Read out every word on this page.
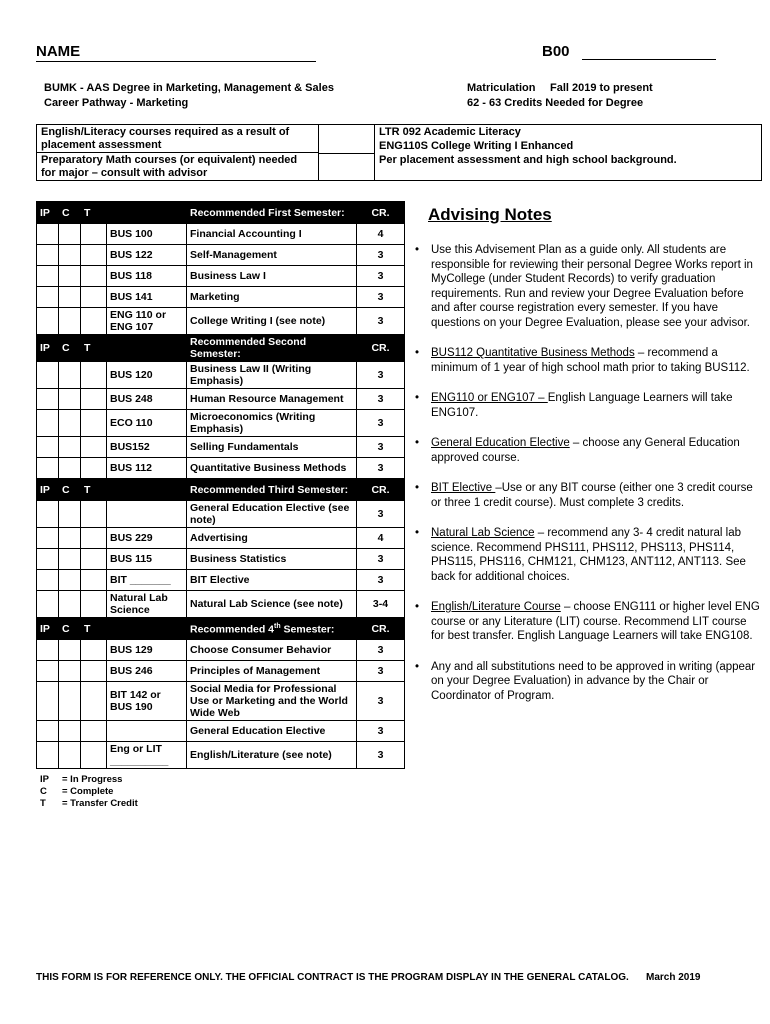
NAME	B00
BUMK - AAS Degree in Marketing, Management & Sales
Career Pathway - Marketing
Matriculation Fall 2019 to present
62 - 63 Credits Needed for Degree
English/Literacy courses required as a result of placement assessment
Preparatory Math courses (or equivalent) needed for major – consult with advisor
LTR 092 Academic Literacy
ENG110S College Writing I Enhanced
Per placement assessment and high school background.
IP	C	T		Recommended First Semester:	CR.
			BUS 100	Financial Accounting I	4
			BUS 122	Self-Management	3
			BUS 118	Business Law I	3
			BUS 141	Marketing	3
			ENG 110 or ENG 107	College Writing I (see note)	3
IP	C	T		Recommended Second Semester:	CR.
			BUS 120	Business Law II (Writing Emphasis)	3
			BUS 248	Human Resource Management	3
			ECO 110	Microeconomics (Writing Emphasis)	3
			BUS152	Selling Fundamentals	3
			BUS 112	Quantitative Business Methods	3
IP	C	T		Recommended Third Semester:	CR.
				General Education Elective (see note)	3
			BUS 229	Advertising	4
			BUS 115	Business Statistics	3
			BIT _______	BIT Elective	3
			Natural Lab Science	Natural Lab Science (see note)	3-4
IP	C	T		Recommended 4th Semester:	CR.
			BUS 129	Choose Consumer Behavior	3
			BUS 246	Principles of Management	3
			BIT 142 or BUS 190	Social Media for Professional Use or Marketing and the World Wide Web	3
				General Education Elective	3
			Eng or LIT __________	English/Literature (see note)	3
Advising Notes
• Use this Advisement Plan as a guide only. All students are responsible for reviewing their personal Degree Works report in MyCollege (under Student Records) to verify graduation requirements. Run and review your Degree Evaluation before and after course registration every semester. If you have questions on your Degree Evaluation, please see your advisor.
• BUS112 Quantitative Business Methods – recommend a minimum of 1 year of high school math prior to taking BUS112.
• ENG110 or ENG107 – English Language Learners will take ENG107.
• General Education Elective – choose any General Education approved course.
• BIT Elective –Use or any BIT course (either one 3 credit course or three 1 credit course). Must complete 3 credits.
• Natural Lab Science – recommend any 3- 4 credit natural lab science. Recommend PHS111, PHS112, PHS113, PHS114, PHS115, PHS116, CHM121, CHM123, ANT112, ANT113. See back for additional choices.
• English/Literature Course – choose ENG111 or higher level ENG course or any Literature (LIT) course. Recommend LIT course for best transfer. English Language Learners will take ENG108.
• Any and all substitutions need to be approved in writing (appear on your Degree Evaluation) in advance by the Chair or Coordinator of Program.
IP = In Progress
C = Complete
T = Transfer Credit
THIS FORM IS FOR REFERENCE ONLY. THE OFFICIAL CONTRACT IS THE PROGRAM DISPLAY IN THE GENERAL CATALOG. March 2019
